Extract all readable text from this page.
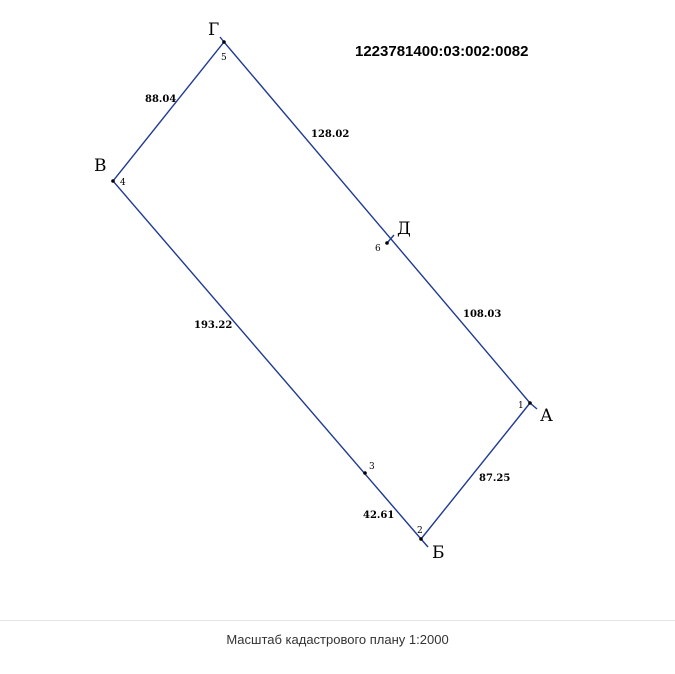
1223781400:03:002:0082
А
Б
В
Г
Д
1
2
3
4
5
6
128.02
108.03
87.25
42.61
193.22
88.04
Масштаб кадастрового плану 1:2000
